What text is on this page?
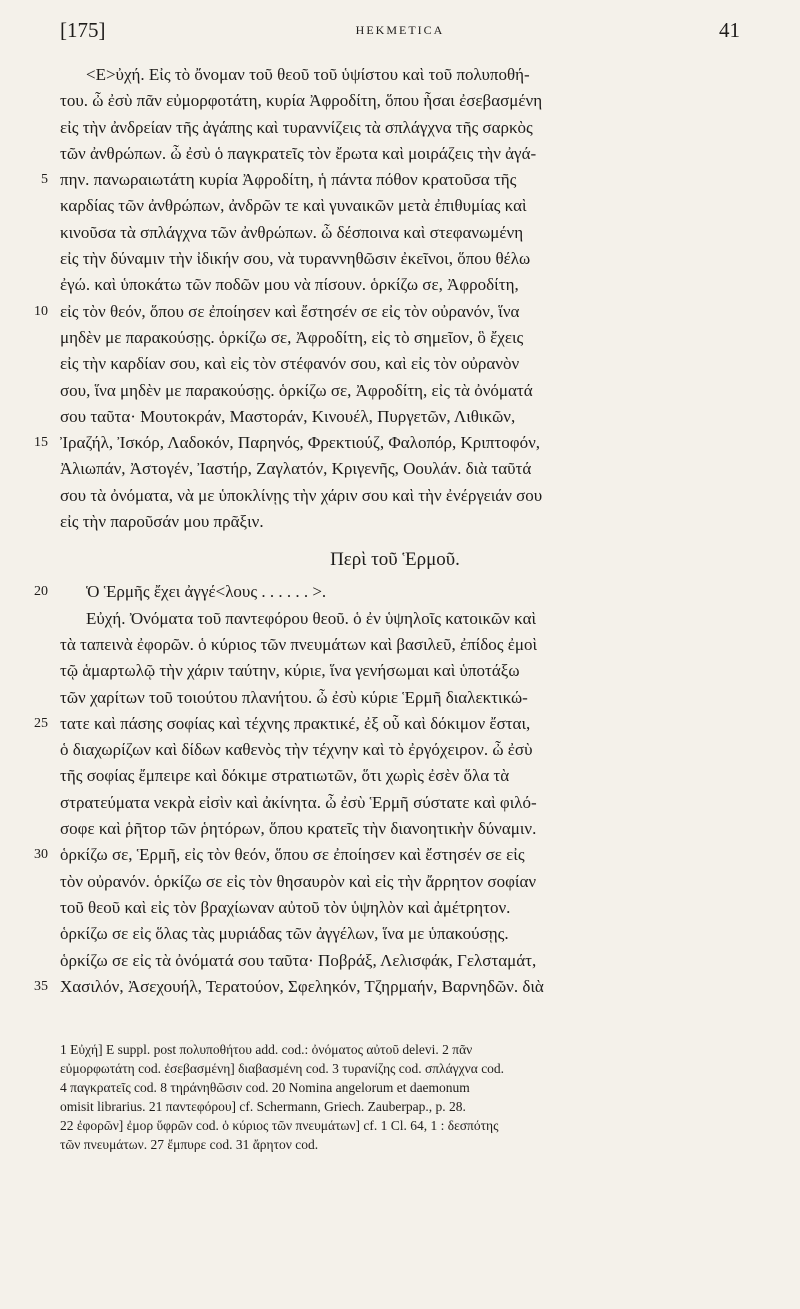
[175]	HEKMETICA	41
<E>ὐχή. Εἰς τὸ ὄνομαν τοῦ θεοῦ τοῦ ὑψίστου καὶ τοῦ πολυποθή-
του. ὦ ἐσὺ πᾶν εὐμορφοτάτη, κυρία Ἀφροδίτη, ὅπου ἦσαι ἐσεβασμένη
εἰς τὴν ἀνδρείαν τῆς ἀγάπης καὶ τυραννίζεις τὰ σπλάγχνα τῆς σαρκὸς
τῶν ἀνθρώπων. ὦ ἐσὺ ὁ παγκρατεῖς τὸν ἔρωτα καὶ μοιράζεις τὴν ἀγά-
5 πην. πανωραιωτάτη κυρία Ἀφροδίτη, ἡ πάντα πόθον κρατοῦσα τῆς
καρδίας τῶν ἀνθρώπων, ἀνδρῶν τε καὶ γυναικῶν μετὰ ἐπιθυμίας καὶ
κινοῦσα τὰ σπλάγχνα τῶν ἀνθρώπων. ὦ δέσποινα καὶ στεφανωμένη
εἰς τὴν δύναμιν τὴν ἰδικήν σου, νὰ τυραννηθῶσιν ἐκεῖνοι, ὅπου θέλω
ἐγώ. καὶ ὑποκάτω τῶν ποδῶν μου νὰ πίσουν. ὁρκίζω σε, Ἀφροδίτη,
10 εἰς τὸν θεόν, ὅπου σε ἐποίησεν καὶ ἔστησέν σε εἰς τὸν οὐρανόν, ἵνα
μηδὲν με παρακούσῃς. ὁρκίζω σε, Ἀφροδίτη, εἰς τὸ σημεῖον, ὃ ἔχεις
εἰς τὴν καρδίαν σου, καὶ εἰς τὸν στέφανόν σου, καὶ εἰς τὸν οὐρανὸν
σου, ἵνα μηδὲν με παρακούσῃς. ὁρκίζω σε, Ἀφροδίτη, εἰς τὰ ὀνόματά
σου ταῦτα· Μουτοκράν, Μαστοράν, Κινουέλ, Πυργετῶν, Λιθικῶν,
15 Ἰραζήλ, Ἰσκόρ, Λαδοκόν, Παρηνός, Φρεκτιούζ, Φαλοπόρ, Κριπτοφόν,
Ἀλιωπάν, Ἀστογέν, Ἰαστήρ, Ζαγλατόν, Κριγενῆς, Οουλάν. διὰ ταῦτά
σου τὰ ὀνόματα, νὰ με ὑποκλίνῃς τὴν χάριν σου καὶ τὴν ἐνέργειάν σου
εἰς τὴν παροῦσάν μου πρᾶξιν.
Περὶ τοῦ Ἑρμοῦ.
20 Ὁ Ἑρμῆς ἔχει ἀγγέ<λους . . . . . . >.
Εὐχή. Ὀνόματα τοῦ παντεφόρου θεοῦ. ὁ ἐν ὑψηλοῖς κατοικῶν καὶ
τὰ ταπεινὰ ἐφορῶν. ὁ κύριος τῶν πνευμάτων καὶ βασιλεῦ, ἐπίδος ἐμοὶ
τῷ ἁμαρτωλῷ τὴν χάριν ταύτην, κύριε, ἵνα γενήσωμαι καὶ ὑποτάξω
τῶν χαρίτων τοῦ τοιούτου πλανήτου. ὦ ἐσὺ κύριε Ἑρμῆ διαλεκτικώ-
25 τατε καὶ πάσης σοφίας καὶ τέχνης πρακτικέ, ἐξ οὗ καὶ δόκιμον ἔσται,
ὁ διαχωρίζων καὶ δίδων καθενὸς τὴν τέχνην καὶ τὸ ἐργόχειρον. ὦ ἐσὺ
τῆς σοφίας ἔμπειρε καὶ δόκιμε στρατιωτῶν, ὅτι χωρὶς ἐσὲν ὅλα τὰ
στρατεύματα νεκρὰ εἰσὶν καὶ ἀκίνητα. ὦ ἐσὺ Ἑρμῆ σύστατε καὶ φιλό-
σοφε καὶ ῥῆτορ τῶν ῥητόρων, ὅπου κρατεῖς τὴν διανοητικὴν δύναμιν.
30 ὁρκίζω σε, Ἑρμῆ, εἰς τὸν θεόν, ὅπου σε ἐποίησεν καὶ ἔστησέν σε εἰς
τὸν οὐρανόν. ὁρκίζω σε εἰς τὸν θησαυρὸν καὶ εἰς τὴν ἄρρητον σοφίαν
τοῦ θεοῦ καὶ εἰς τὸν βραχίωναν αὐτοῦ τὸν ὑψηλὸν καὶ ἀμέτρητον.
ὁρκίζω σε εἰς ὅλας τὰς μυριάδας τῶν ἀγγέλων, ἵνα με ὑπακούσῃς.
ὁρκίζω σε εἰς τὰ ὀνόματά σου ταῦτα· Ποβράξ, Λελισφάκ, Γελσταμάτ,
35 Χασιλόν, Ἀσεχουήλ, Τερατούον, Σφεληκόν, Τζηρμαήν, Βαρνηδῶν. διὰ
1 Εὐχή] E suppl. post πολυποθήτου add. cod.: ὀνόματος αὐτοῦ delevi. 2 πᾶν
εὐμορφωτάτη cod. ἐσεβασμένη] διαβασμένη cod. 3 τυρανίζης cod. σπλάγχνα cod.
4 παγκρατεῖς cod. 8 τηράνηθῶσιν cod. 20 Nomina angelorum et daemonum
omisit librarius. 21 παντεφόρου] cf. Schermann, Griech. Zauberpap., p. 28.
22 ἐφορῶν] ἐμορ ὕφρῶν cod. ὁ κύριος τῶν πνευμάτων] cf. 1 Cl. 64, 1 : δεσπότης
τῶν πνευμάτων. 27 ἔμπυρε cod. 31 ἄρητον cod.
